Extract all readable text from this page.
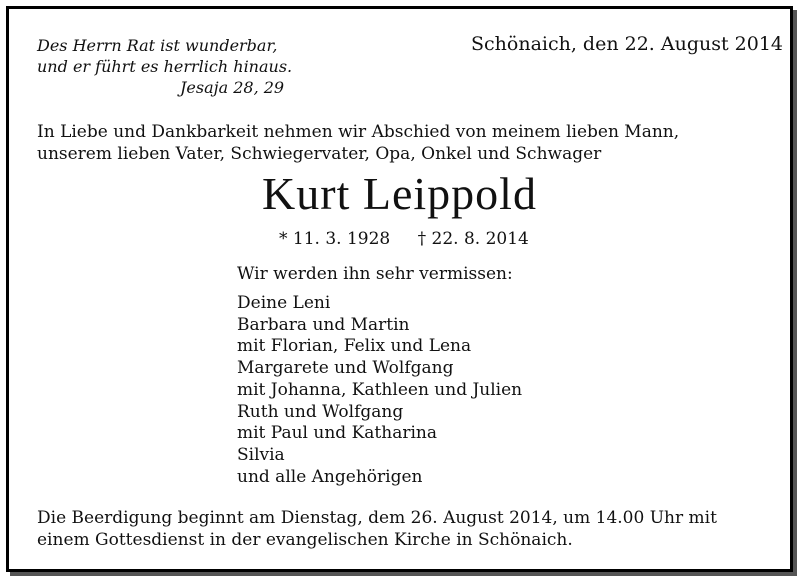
Des Herrn Rat ist wunderbar,
und er führt es herrlich hinaus.
Jesaja 28, 29
Schönaich, den 22. August 2014
In Liebe und Dankbarkeit nehmen wir Abschied von meinem lieben Mann,
unserem lieben Vater, Schwiegervater, Opa, Onkel und Schwager
Kurt Leippold
* 11. 3. 1928 † 22. 8. 2014
Wir werden ihn sehr vermissen:
Deine Leni
Barbara und Martin
mit Florian, Felix und Lena
Margarete und Wolfgang
mit Johanna, Kathleen und Julien
Ruth und Wolfgang
mit Paul und Katharina
Silvia
und alle Angehörigen
Die Beerdigung beginnt am Dienstag, dem 26. August 2014, um 14.00 Uhr mit
einem Gottesdienst in der evangelischen Kirche in Schönaich.
